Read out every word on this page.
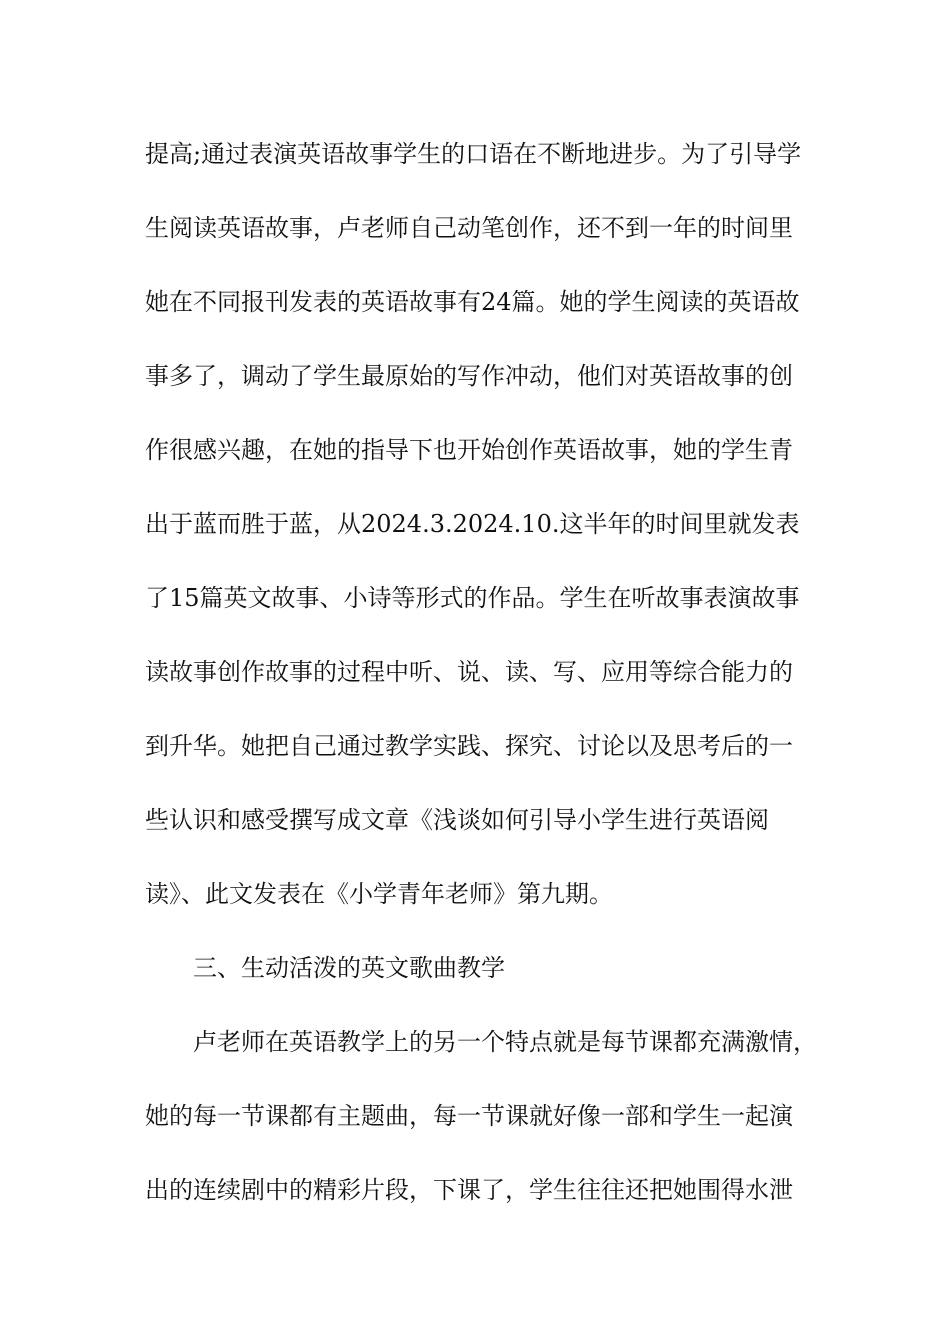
提高;通过表演英语故事学生的口语在不断地进步。为了引导学
生阅读英语故事，卢老师自己动笔创作，还不到一年的时间里
她在不同报刊发表的英语故事有24篇。她的学生阅读的英语故
事多了，调动了学生最原始的写作冲动，他们对英语故事的创
作很感兴趣，在她的指导下也开始创作英语故事，她的学生青
出于蓝而胜于蓝，从2024.3.2024.10.这半年的时间里就发表
了15篇英文故事、小诗等形式的作品。学生在听故事表演故事
读故事创作故事的过程中听、说、读、写、应用等综合能力的
到升华。她把自己通过教学实践、探究、讨论以及思考后的一
些认识和感受撰写成文章《浅谈如何引导小学生进行英语阅
读》、此文发表在《小学青年老师》第九期。
三、生动活泼的英文歌曲教学
卢老师在英语教学上的另一个特点就是每节课都充满激情，
她的每一节课都有主题曲，每一节课就好像一部和学生一起演
出的连续剧中的精彩片段，下课了，学生往往还把她围得水泄
